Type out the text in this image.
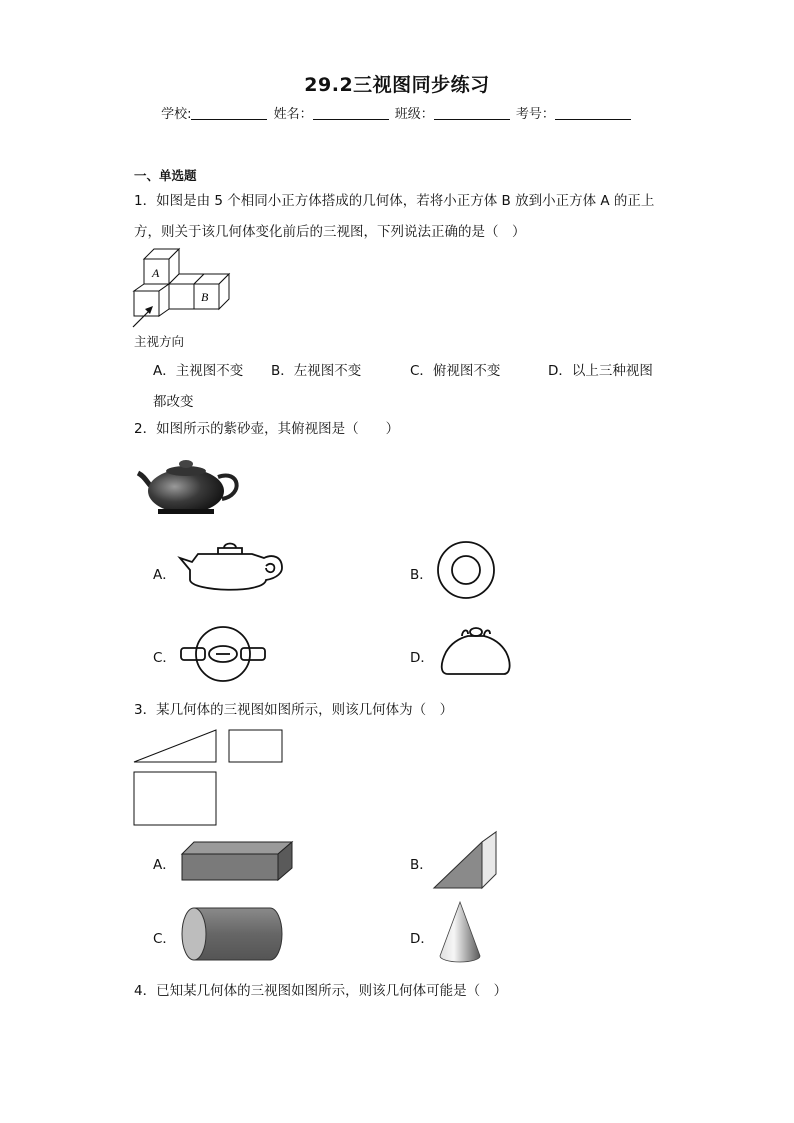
29.2三视图同步练习
学校:	姓名：	班级：	考号：
一、单选题
1．如图是由 5 个相同小正方体搭成的几何体，若将小正方体 B 放到小正方体 A 的正上
方，则关于该几何体变化前后的三视图，下列说法正确的是（　）
A
B
主视方向
A．主视图不变 B．左视图不变	C．俯视图不变	D．以上三种视图
都改变
2．如图所示的紫砂壶，其俯视图是（　　）
A．	B．
C．	D．
3．某几何体的三视图如图所示，则该几何体为（　）
A．	B．
C．	D．
4．已知某几何体的三视图如图所示，则该几何体可能是（　）
